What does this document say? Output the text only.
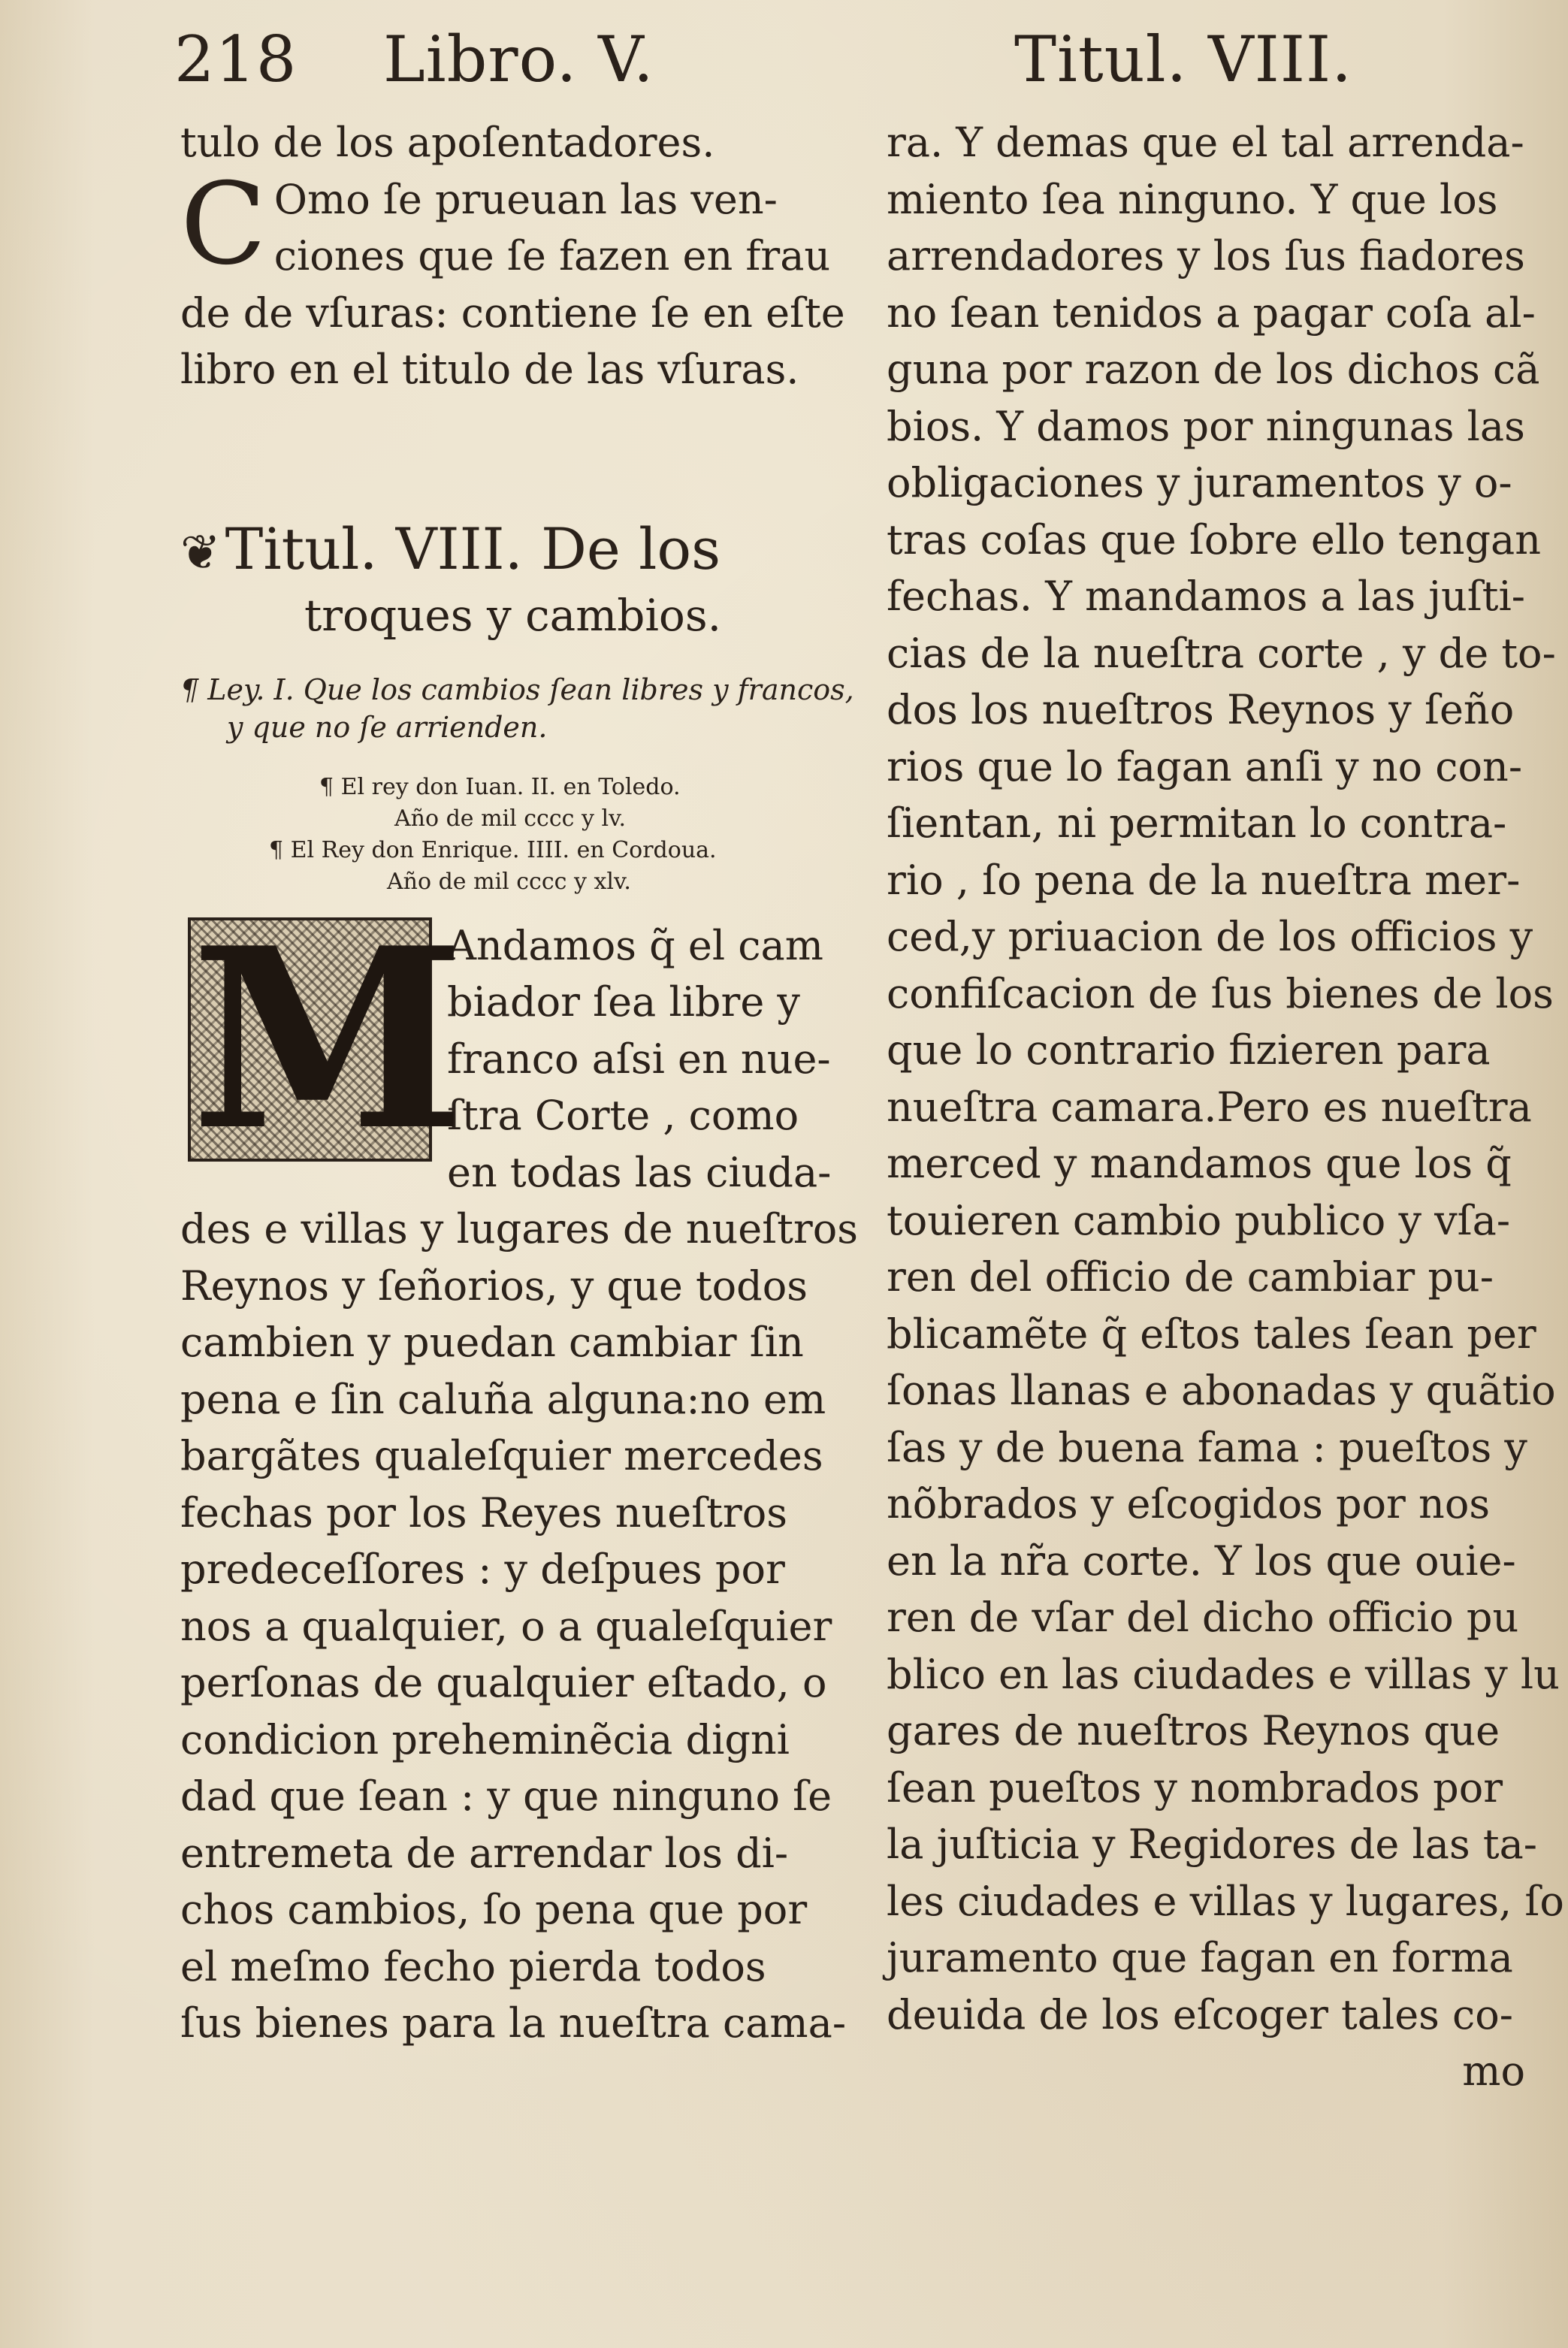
218 Libro. V.	Titul. VIII.
tulo de los apoſentadores.
C Omo ſe prueuan las ven-
ciones que ſe fazen en frau
de de vſuras: contiene ſe en eſte
libro en el titulo de las vſuras.
❦Titul. VIII. De los
troques y cambios.
¶ Ley. I. Que los cambios ſean libres y francos,
y que no ſe arrienden.
¶ El rey don Iuan. II. en Toledo.
Año de mil cccc y lv.
¶ El Rey don Enrique. IIII. en Cordoua.
Año de mil cccc y xlv.
M
Andamos q̃ el cam
biador ſea libre y
franco aſsi en nue-
ſtra Corte , como
en todas las ciuda-
des e villas y lugares de nueſtros
Reynos y ſeñorios, y que todos
cambien y puedan cambiar ſin
pena e ſin caluña alguna:no em
bargãtes qualeſquier mercedes
fechas por los Reyes nueſtros
predeceſſores : y deſpues por
nos a qualquier, o a qualeſquier
perſonas de qualquier eſtado, o
condicion preheminẽcia digni
dad que ſean : y que ninguno ſe
entremeta de arrendar los di-
chos cambios, ſo pena que por
el meſmo fecho pierda todos
ſus bienes para la nueſtra cama-
ra. Y demas que el tal arrenda-
miento ſea ninguno. Y que los
arrendadores y los ſus fiadores
no ſean tenidos a pagar coſa al-
guna por razon de los dichos cã
bios. Y damos por ningunas las
obligaciones y juramentos y o-
tras coſas que ſobre ello tengan
fechas. Y mandamos a las juſti-
cias de la nueſtra corte , y de to-
dos los nueſtros Reynos y ſeño
rios que lo fagan anſi y no con-
ſientan, ni permitan lo contra-
rio , ſo pena de la nueſtra mer-
ced,y priuacion de los officios y
confiſcacion de ſus bienes de los
que lo contrario fizieren para
nueſtra camara.Pero es nueſtra
merced y mandamos que los q̃
touieren cambio publico y vſa-
ren del officio de cambiar pu-
blicamẽte q̃ eſtos tales ſean per
ſonas llanas e abonadas y quãtio
ſas y de buena fama : pueſtos y
nõbrados y eſcogidos por nos
en la nr̃a corte. Y los que ouie-
ren de vſar del dicho officio pu
blico en las ciudades e villas y lu
gares de nueſtros Reynos que
ſean pueſtos y nombrados por
la juſticia y Regidores de las ta-
les ciudades e villas y lugares, ſo
juramento que fagan en forma
deuida de los eſcoger tales co-
mo
